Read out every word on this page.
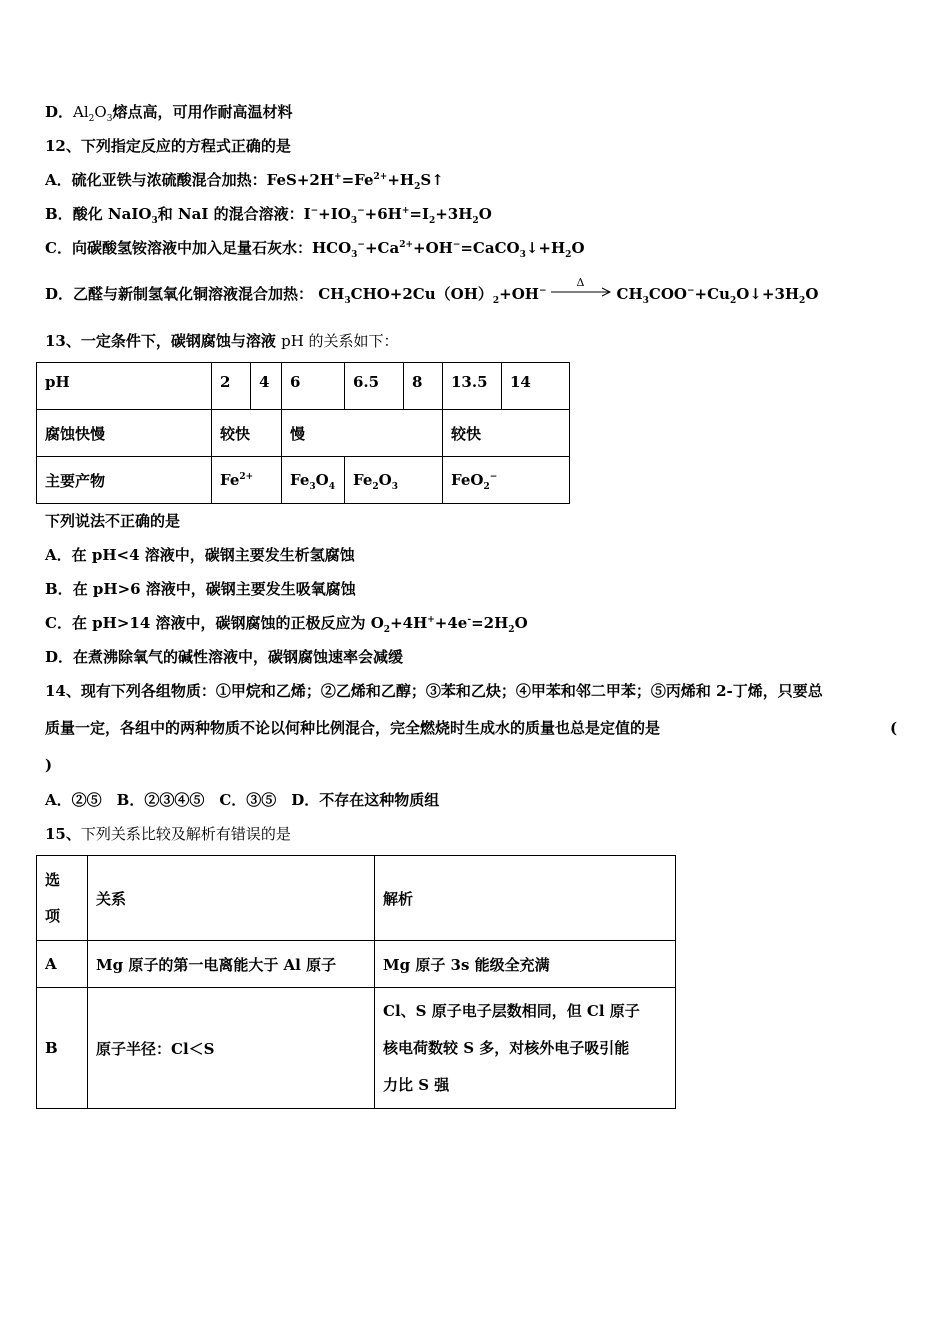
D．$Al_2O_3$熔点高，可用作耐高温材料
12、下列指定反应的方程式正确的是
A．硫化亚铁与浓硫酸混合加热：$FeS+2H^+=Fe^{2+}+H_2S↑$
B．酸化 NaIO$_3$和 NaI 的混合溶液：$I^-+IO_3^-+6H^+=I_2+3H_2O$
C．向碳酸氢铵溶液中加入足量石灰水：$HCO_3^-+Ca^{2+}+OH^-=CaCO_3↓+H_2O$
D．乙醛与新制氢氧化铜溶液混合加热： $CH_3CHO+2Cu(OH)_2+OH^-$
Δ
$CH_3COO^-+Cu_2O↓+3H_2O$
13、一定条件下，碳钢腐蚀与溶液 pH 的关系如下：
pH	2	4	6	6.5	8	13.5	14
腐蚀快慢	较快		慢			较快	
主要产物	$Fe^{2+}$		$Fe_3O_4$	$Fe_2O_3$		FeO$_2$−
下列说法不正确的是
A．在 pH<4 溶液中，碳钢主要发生析氢腐蚀
B．在 pH>6 溶液中，碳钢主要发生吸氧腐蚀
C．在 pH>14 溶液中，碳钢腐蚀的正极反应为 $O_2+4H^++4e^-=2H_2O$
D．在煮沸除氧气的碱性溶液中，碳钢腐蚀速率会减缓
14、现有下列各组物质：①甲烷和乙烯；②乙烯和乙醇；③苯和乙炔；④甲苯和邻二甲苯；⑤丙烯和 2-丁烯，只要总
质量一定，各组中的两种物质不论以何种比例混合，完全燃烧时生成水的质量也总是定值的是	(
)
A．②⑤　B．②③④⑤　C．③⑤　D．不存在这种物质组
15、下列关系比较及解析有错误的是
选
项	关系	解析
A	Mg 原子的第一电离能大于 Al 原子	Mg 原子 3s 能级全充满
B	原子半径：Cl＜S	Cl、S 原子电子层数相同，但 Cl 原子
核电荷数较 S 多，对核外电子吸引能
力比 S 强
